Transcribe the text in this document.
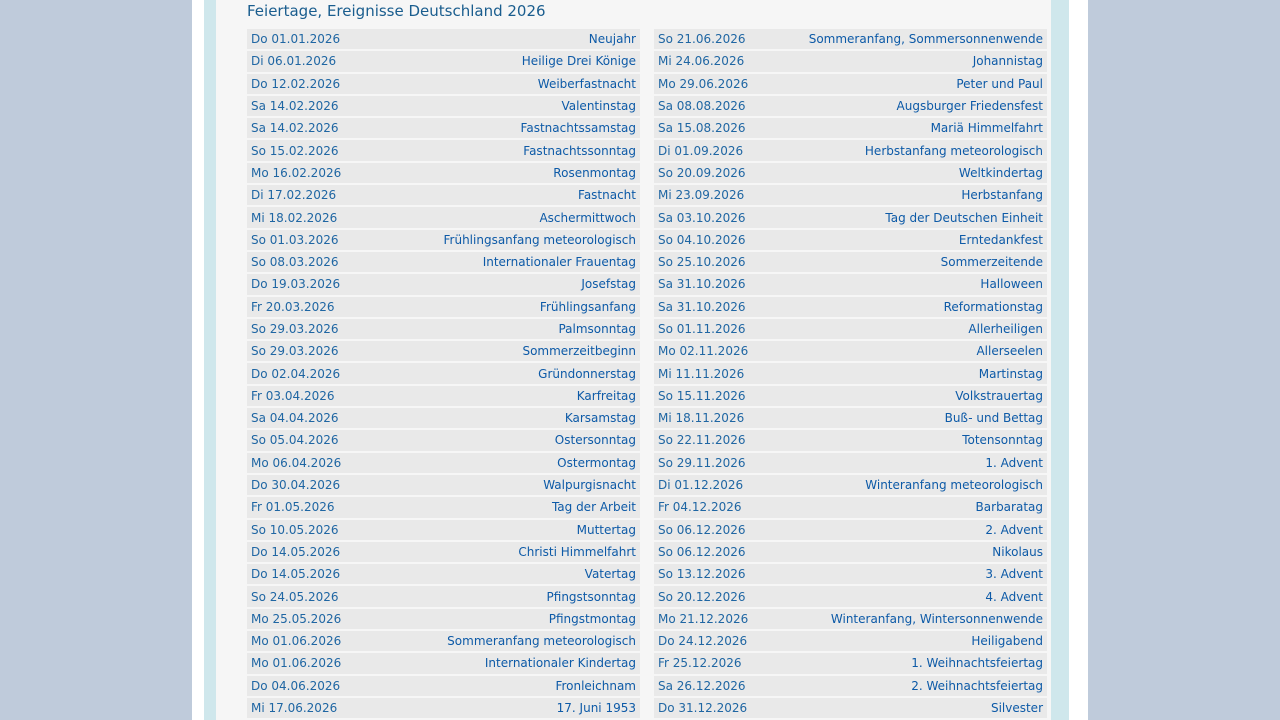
Feiertage, Ereignisse Deutschland 2026
Do 01.01.2026	Neujahr
Di 06.01.2026	Heilige Drei Könige
Do 12.02.2026	Weiberfastnacht
Sa 14.02.2026	Valentinstag
Sa 14.02.2026	Fastnachtssamstag
So 15.02.2026	Fastnachtssonntag
Mo 16.02.2026	Rosenmontag
Di 17.02.2026	Fastnacht
Mi 18.02.2026	Aschermittwoch
So 01.03.2026	Frühlingsanfang meteorologisch
So 08.03.2026	Internationaler Frauentag
Do 19.03.2026	Josefstag
Fr 20.03.2026	Frühlingsanfang
So 29.03.2026	Palmsonntag
So 29.03.2026	Sommerzeitbeginn
Do 02.04.2026	Gründonnerstag
Fr 03.04.2026	Karfreitag
Sa 04.04.2026	Karsamstag
So 05.04.2026	Ostersonntag
Mo 06.04.2026	Ostermontag
Do 30.04.2026	Walpurgisnacht
Fr 01.05.2026	Tag der Arbeit
So 10.05.2026	Muttertag
Do 14.05.2026	Christi Himmelfahrt
Do 14.05.2026	Vatertag
So 24.05.2026	Pfingstsonntag
Mo 25.05.2026	Pfingstmontag
Mo 01.06.2026	Sommeranfang meteorologisch
Mo 01.06.2026	Internationaler Kindertag
Do 04.06.2026	Fronleichnam
Mi 17.06.2026	17. Juni 1953
So 21.06.2026	Sommeranfang, Sommersonnenwende
Mi 24.06.2026	Johannistag
Mo 29.06.2026	Peter und Paul
Sa 08.08.2026	Augsburger Friedensfest
Sa 15.08.2026	Mariä Himmelfahrt
Di 01.09.2026	Herbstanfang meteorologisch
So 20.09.2026	Weltkindertag
Mi 23.09.2026	Herbstanfang
Sa 03.10.2026	Tag der Deutschen Einheit
So 04.10.2026	Erntedankfest
So 25.10.2026	Sommerzeitende
Sa 31.10.2026	Halloween
Sa 31.10.2026	Reformationstag
So 01.11.2026	Allerheiligen
Mo 02.11.2026	Allerseelen
Mi 11.11.2026	Martinstag
So 15.11.2026	Volkstrauertag
Mi 18.11.2026	Buß- und Bettag
So 22.11.2026	Totensonntag
So 29.11.2026	1. Advent
Di 01.12.2026	Winteranfang meteorologisch
Fr 04.12.2026	Barbaratag
So 06.12.2026	2. Advent
So 06.12.2026	Nikolaus
So 13.12.2026	3. Advent
So 20.12.2026	4. Advent
Mo 21.12.2026	Winteranfang, Wintersonnenwende
Do 24.12.2026	Heiligabend
Fr 25.12.2026	1. Weihnachtsfeiertag
Sa 26.12.2026	2. Weihnachtsfeiertag
Do 31.12.2026	Silvester
